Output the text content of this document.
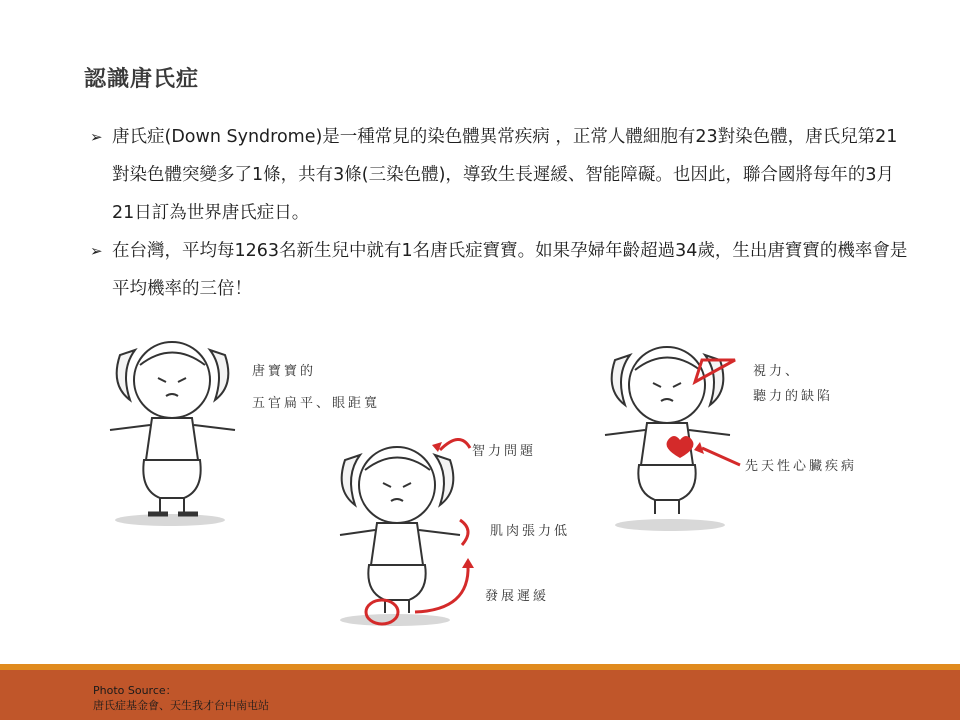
認識唐氏症
➢ 唐氏症(Down Syndrome)是一種常見的染色體異常疾病 ，正常人體細胞有23對染色體，唐氏兒第21對染色體突變多了1條，共有3條(三染色體)，導致生長遲緩、智能障礙。也因此，聯合國將每年的3月21日訂為世界唐氏症日。
➢ 在台灣，平均每1263名新生兒中就有1名唐氏症寶寶。如果孕婦年齡超過34歲，生出唐寶寶的機率會是平均機率的三倍！
唐寶寶的
五官扁平、眼距寬
智力問題
肌肉張力低
發展遲緩
視力、
聽力的缺陷
先天性心臟疾病
Photo Source：
唐氏症基金會、天生我才台中南屯站
